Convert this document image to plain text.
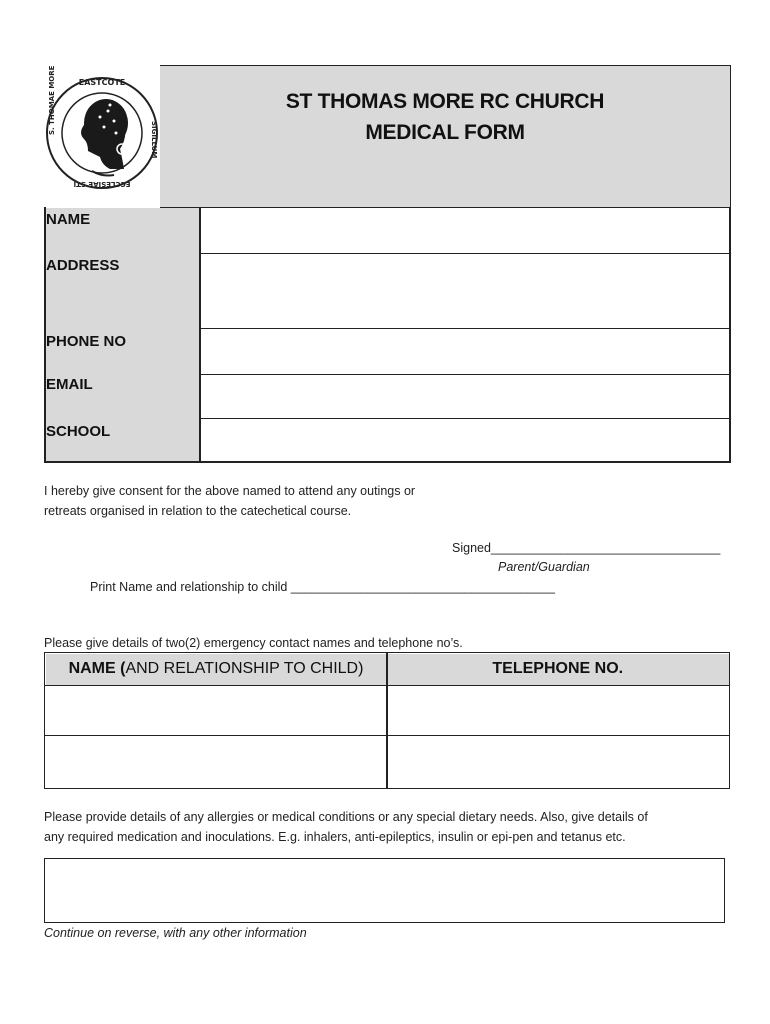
EASTCOTE
ECCLESIAE STI
S. THOMAE MORE
SIGILLUM
ST THOMAS MORE RC CHURCH
MEDICAL FORM
NAME
ADDRESS
PHONE NO
EMAIL
SCHOOL
I hereby give consent for the above named to attend any outings or
retreats organised in relation to the catechetical course.
Signed_________________________________
Parent/Guardian
Print Name and relationship to child ______________________________________
Please give details of two(2) emergency contact names and telephone no’s.
NAME ( AND RELATIONSHIP TO CHILD)	TELEPHONE NO.
Please provide details of any allergies or medical conditions or any special dietary needs. Also, give details of
any required medication and inoculations. E.g. inhalers, anti-epileptics, insulin or epi-pen and tetanus etc.
Continue on reverse, with any other information
